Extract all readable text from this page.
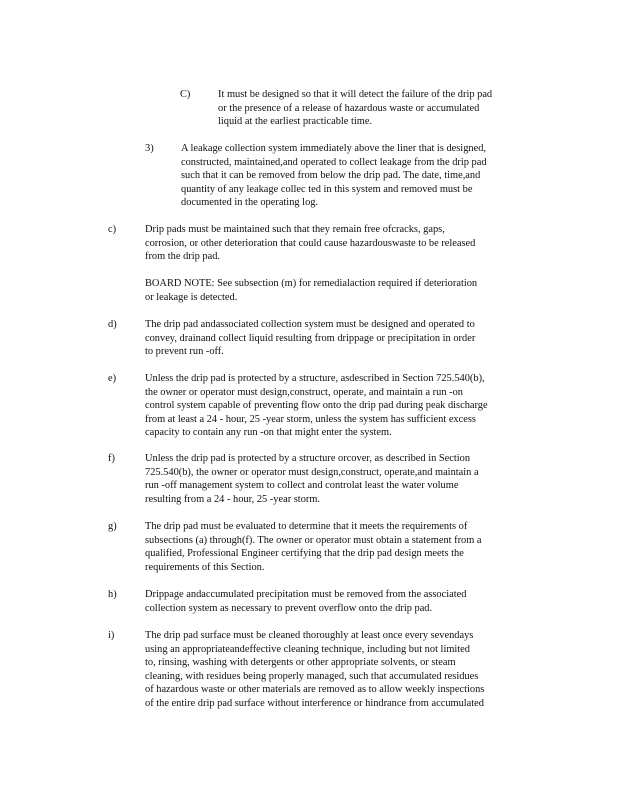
C)	It must be designed so that it will detect the failure of the drip pad
or the presence of a release of hazardous waste or accumulated
liquid at the earliest practicable time.
3)	A leakage collection system immediately above the liner that is designed,
constructed, maintained,and operated to collect leakage from the drip pad
such that it can be removed from below the drip pad. The date, time,and
quantity of any leakage collec ted in this system and removed must be
documented in the operating log.
c)	Drip pads must be maintained such that they remain free ofcracks, gaps,
corrosion, or other deterioration that could cause hazardouswaste to be released
from the drip pad.
BOARD NOTE: See subsection (m) for remedialaction required if deterioration
or leakage is detected.
d)	The drip pad andassociated collection system must be designed and operated to
convey, drainand collect liquid resulting from drippage or precipitation in order
to prevent run -off.
e)	Unless the drip pad is protected by a structure, asdescribed in Section 725.540(b),
the owner or operator must design,construct, operate, and maintain a run -on
control system capable of preventing flow onto the drip pad during peak discharge
from at least a 24 - hour, 25 -year storm, unless the system has sufficient excess
capacity to contain any run -on that might enter the system.
f)	Unless the drip pad is protected by a structure orcover, as described in Section
725.540(b), the owner or operator must design,construct, operate,and maintain a
run -off management system to collect and controlat least the water volume
resulting from a 24 - hour, 25 -year storm.
g)	The drip pad must be evaluated to determine that it meets the requirements of
subsections (a) through(f). The owner or operator must obtain a statement from a
qualified, Professional Engineer certifying that the drip pad design meets the
requirements of this Section.
h)	Drippage andaccumulated precipitation must be removed from the associated
collection system as necessary to prevent overflow onto the drip pad.
i)	The drip pad surface must be cleaned thoroughly at least once every sevendays
using an appropriateandeffective cleaning technique, including but not limited
to, rinsing, washing with detergents or other appropriate solvents, or steam
cleaning, with residues being properly managed, such that accumulated residues
of hazardous waste or other materials are removed as to allow weekly inspections
of the entire drip pad surface without interference or hindrance from accumulated
